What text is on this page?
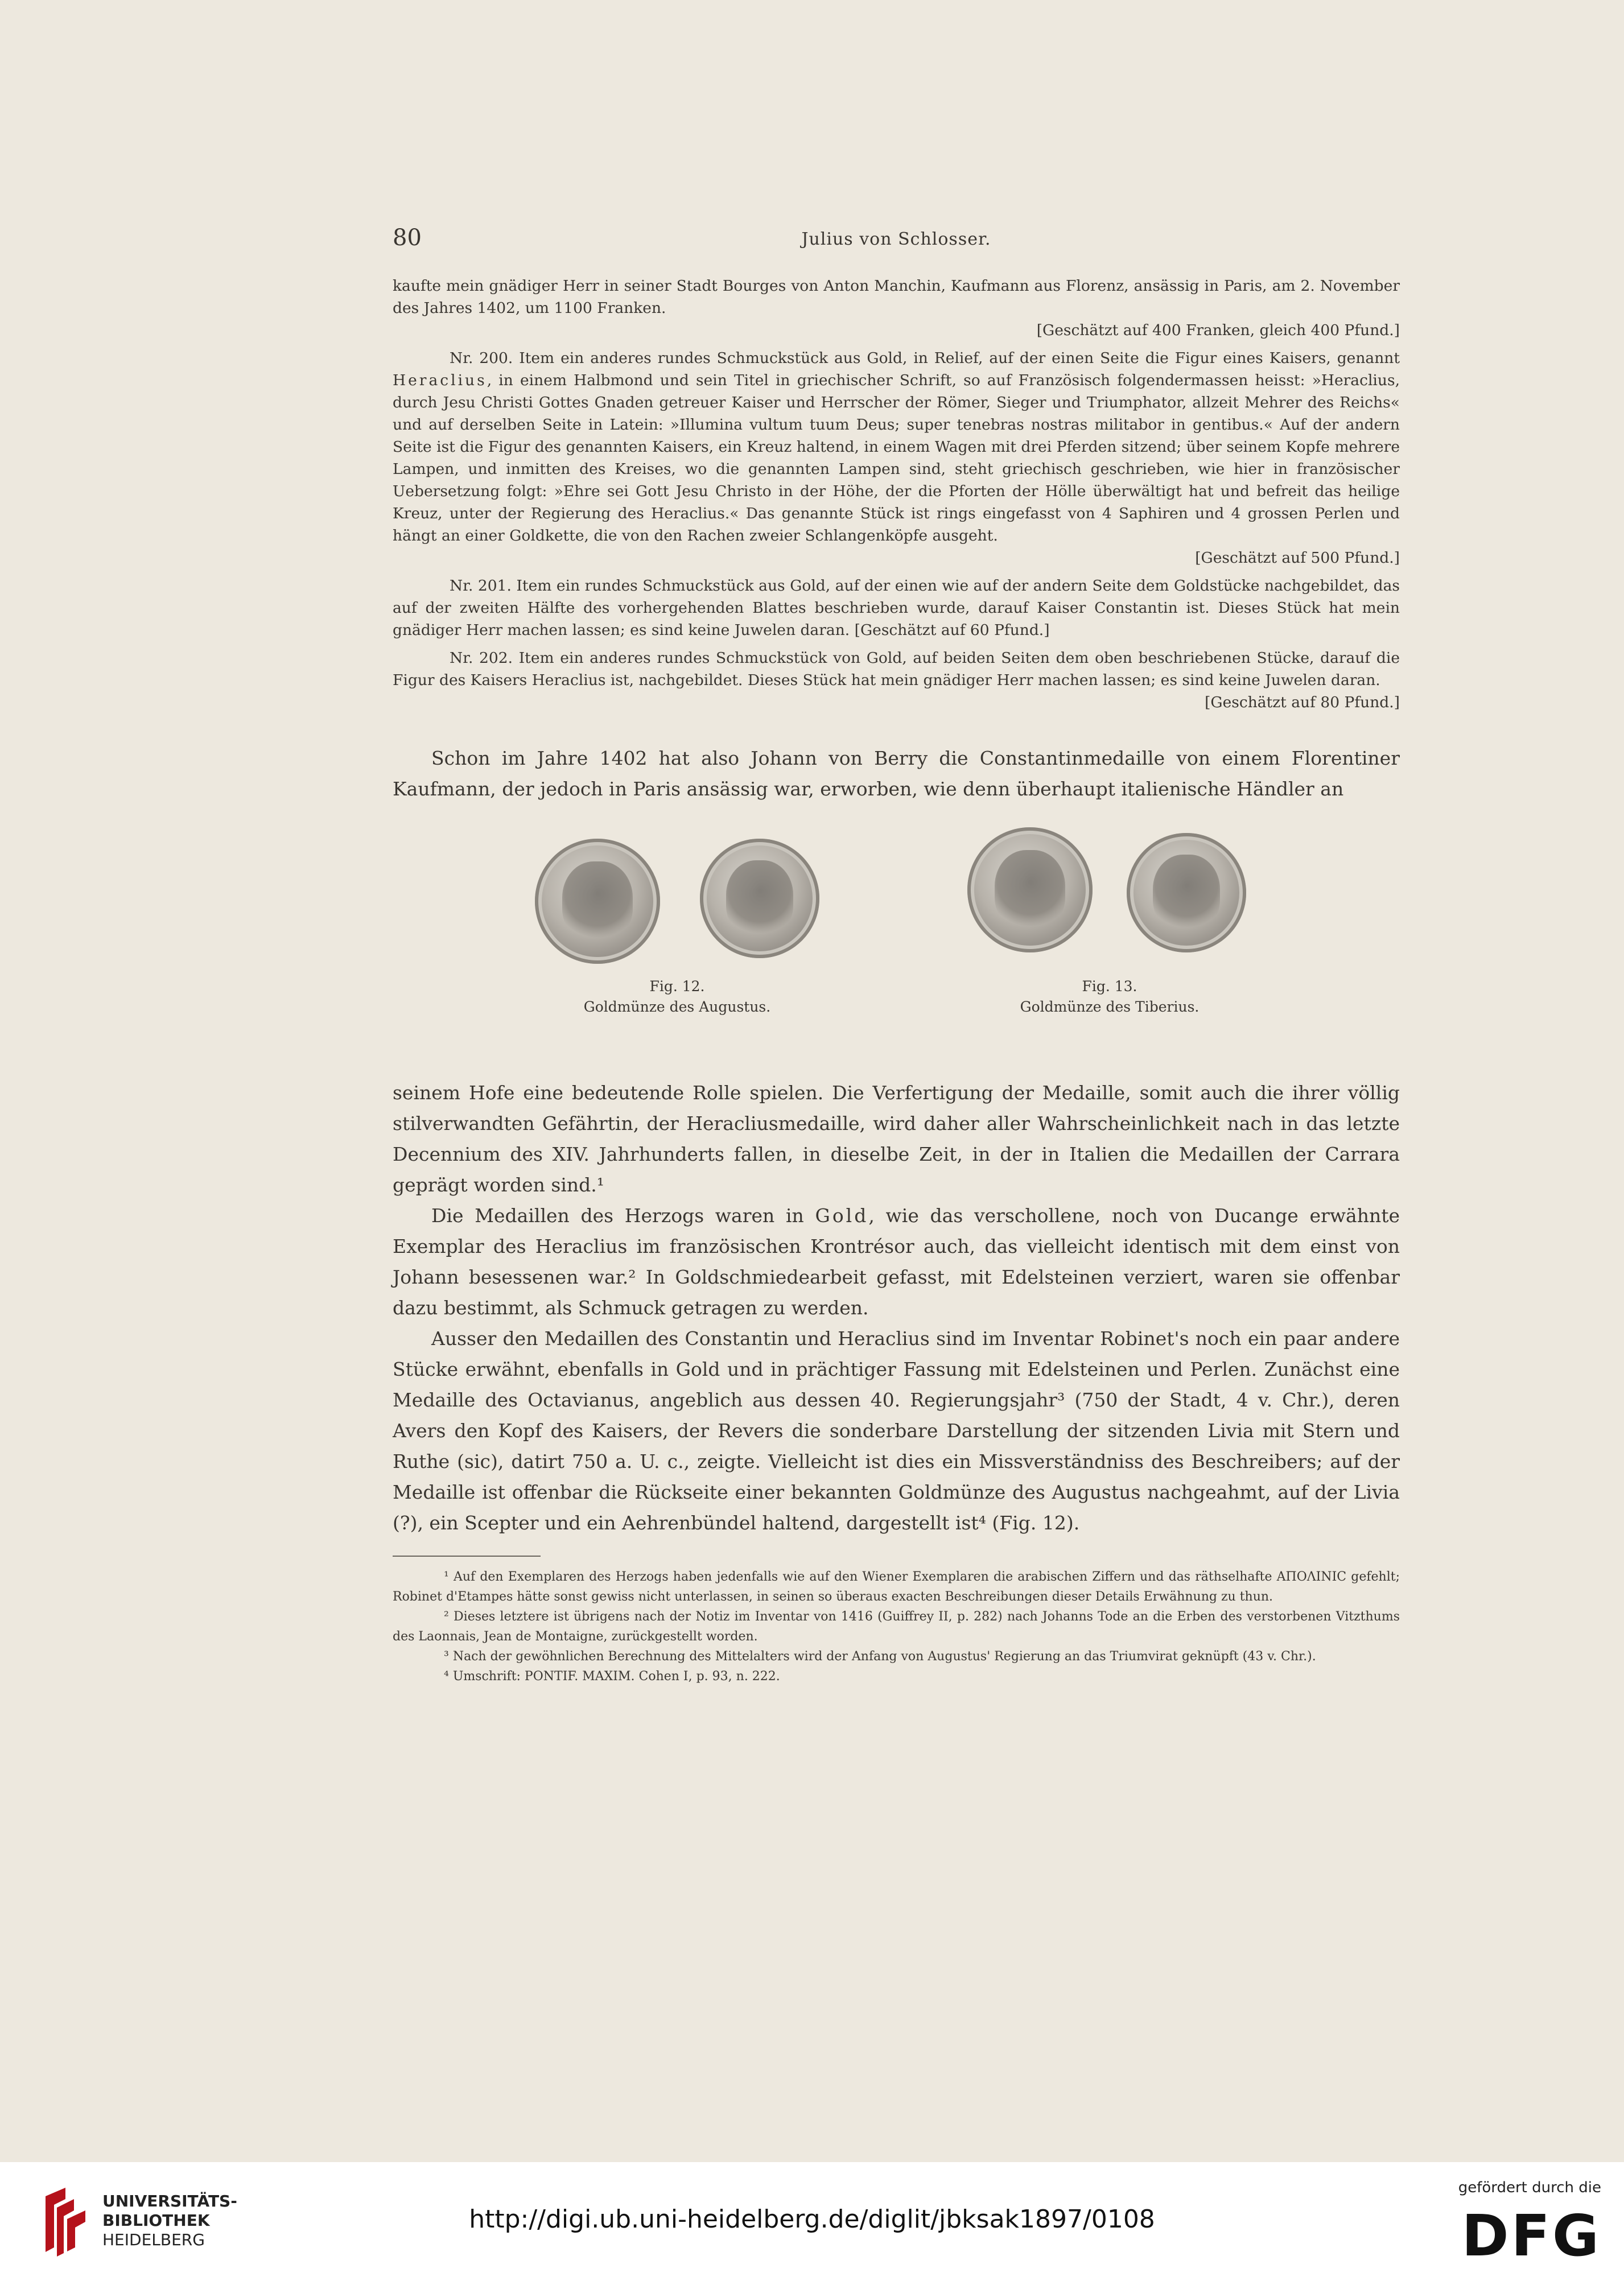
80	Julius von Schlosser.

kaufte mein gnädiger Herr in seiner Stadt Bourges von Anton Manchin, Kaufmann aus Florenz, ansässig in Paris, am 2. November des Jahres 1402, um 1100 Franken.
[Geschätzt auf 400 Franken, gleich 400 Pfund.]

Nr. 200. Item ein anderes rundes Schmuckstück aus Gold, in Relief, auf der einen Seite die Figur eines Kaisers, genannt Heraclius, in einem Halbmond und sein Titel in griechischer Schrift, so auf Französisch folgendermassen heisst: »Heraclius, durch Jesu Christi Gottes Gnaden getreuer Kaiser und Herrscher der Römer, Sieger und Triumphator, allzeit Mehrer des Reichs« und auf derselben Seite in Latein: »Illumina vultum tuum Deus; super tenebras nostras militabor in gentibus.« Auf der andern Seite ist die Figur des genannten Kaisers, ein Kreuz haltend, in einem Wagen mit drei Pferden sitzend; über seinem Kopfe mehrere Lampen, und inmitten des Kreises, wo die genannten Lampen sind, steht griechisch geschrieben, wie hier in französischer Uebersetzung folgt: »Ehre sei Gott Jesu Christo in der Höhe, der die Pforten der Hölle überwältigt hat und befreit das heilige Kreuz, unter der Regierung des Heraclius.« Das genannte Stück ist rings eingefasst von 4 Saphiren und 4 grossen Perlen und hängt an einer Goldkette, die von den Rachen zweier Schlangenköpfe ausgeht.
[Geschätzt auf 500 Pfund.]

Nr. 201. Item ein rundes Schmuckstück aus Gold, auf der einen wie auf der andern Seite dem Goldstücke nachgebildet, das auf der zweiten Hälfte des vorhergehenden Blattes beschrieben wurde, darauf Kaiser Constantin ist. Dieses Stück hat mein gnädiger Herr machen lassen; es sind keine Juwelen daran. [Geschätzt auf 60 Pfund.]

Nr. 202. Item ein anderes rundes Schmuckstück von Gold, auf beiden Seiten dem oben beschriebenen Stücke, darauf die Figur des Kaisers Heraclius ist, nachgebildet. Dieses Stück hat mein gnädiger Herr machen lassen; es sind keine Juwelen daran.
[Geschätzt auf 80 Pfund.]

Schon im Jahre 1402 hat also Johann von Berry die Constantinmedaille von einem Florentiner Kaufmann, der jedoch in Paris ansässig war, erworben, wie denn überhaupt italienische Händler an

Fig. 12.
Goldmünze des Augustus.
Fig. 13.
Goldmünze des Tiberius.

seinem Hofe eine bedeutende Rolle spielen. Die Verfertigung der Medaille, somit auch die ihrer völlig stilverwandten Gefährtin, der Heracliusmedaille, wird daher aller Wahrscheinlichkeit nach in das letzte Decennium des XIV. Jahrhunderts fallen, in dieselbe Zeit, in der in Italien die Medaillen der Carrara geprägt worden sind.¹

Die Medaillen des Herzogs waren in Gold, wie das verschollene, noch von Ducange erwähnte Exemplar des Heraclius im französischen Krontrésor auch, das vielleicht identisch mit dem einst von Johann besessenen war.² In Goldschmiedearbeit gefasst, mit Edelsteinen verziert, waren sie offenbar dazu bestimmt, als Schmuck getragen zu werden.

Ausser den Medaillen des Constantin und Heraclius sind im Inventar Robinet's noch ein paar andere Stücke erwähnt, ebenfalls in Gold und in prächtiger Fassung mit Edelsteinen und Perlen. Zunächst eine Medaille des Octavianus, angeblich aus dessen 40. Regierungsjahr³ (750 der Stadt, 4 v. Chr.), deren Avers den Kopf des Kaisers, der Revers die sonderbare Darstellung der sitzenden Livia mit Stern und Ruthe (sic), datirt 750 a. U. c., zeigte. Vielleicht ist dies ein Missverständniss des Beschreibers; auf der Medaille ist offenbar die Rückseite einer bekannten Goldmünze des Augustus nachgeahmt, auf der Livia (?), ein Scepter und ein Aehrenbündel haltend, dargestellt ist⁴ (Fig. 12).

¹ Auf den Exemplaren des Herzogs haben jedenfalls wie auf den Wiener Exemplaren die arabischen Ziffern und das räthselhafte ΑΠΟΛΙΝΙC gefehlt; Robinet d'Etampes hätte sonst gewiss nicht unterlassen, in seinen so überaus exacten Beschreibungen dieser Details Erwähnung zu thun.

² Dieses letztere ist übrigens nach der Notiz im Inventar von 1416 (Guiffrey II, p. 282) nach Johanns Tode an die Erben des verstorbenen Vitzthums des Laonnais, Jean de Montaigne, zurückgestellt worden.

³ Nach der gewöhnlichen Berechnung des Mittelalters wird der Anfang von Augustus' Regierung an das Triumvirat geknüpft (43 v. Chr.).

⁴ Umschrift: PONTIF. MAXIM. Cohen I, p. 93, n. 222.

UNIVERSITÄTS-
BIBLIOTHEK
HEIDELBERG
http://digi.ub.uni-heidelberg.de/diglit/jbksak1897/0108
gefördert durch die
DFG
